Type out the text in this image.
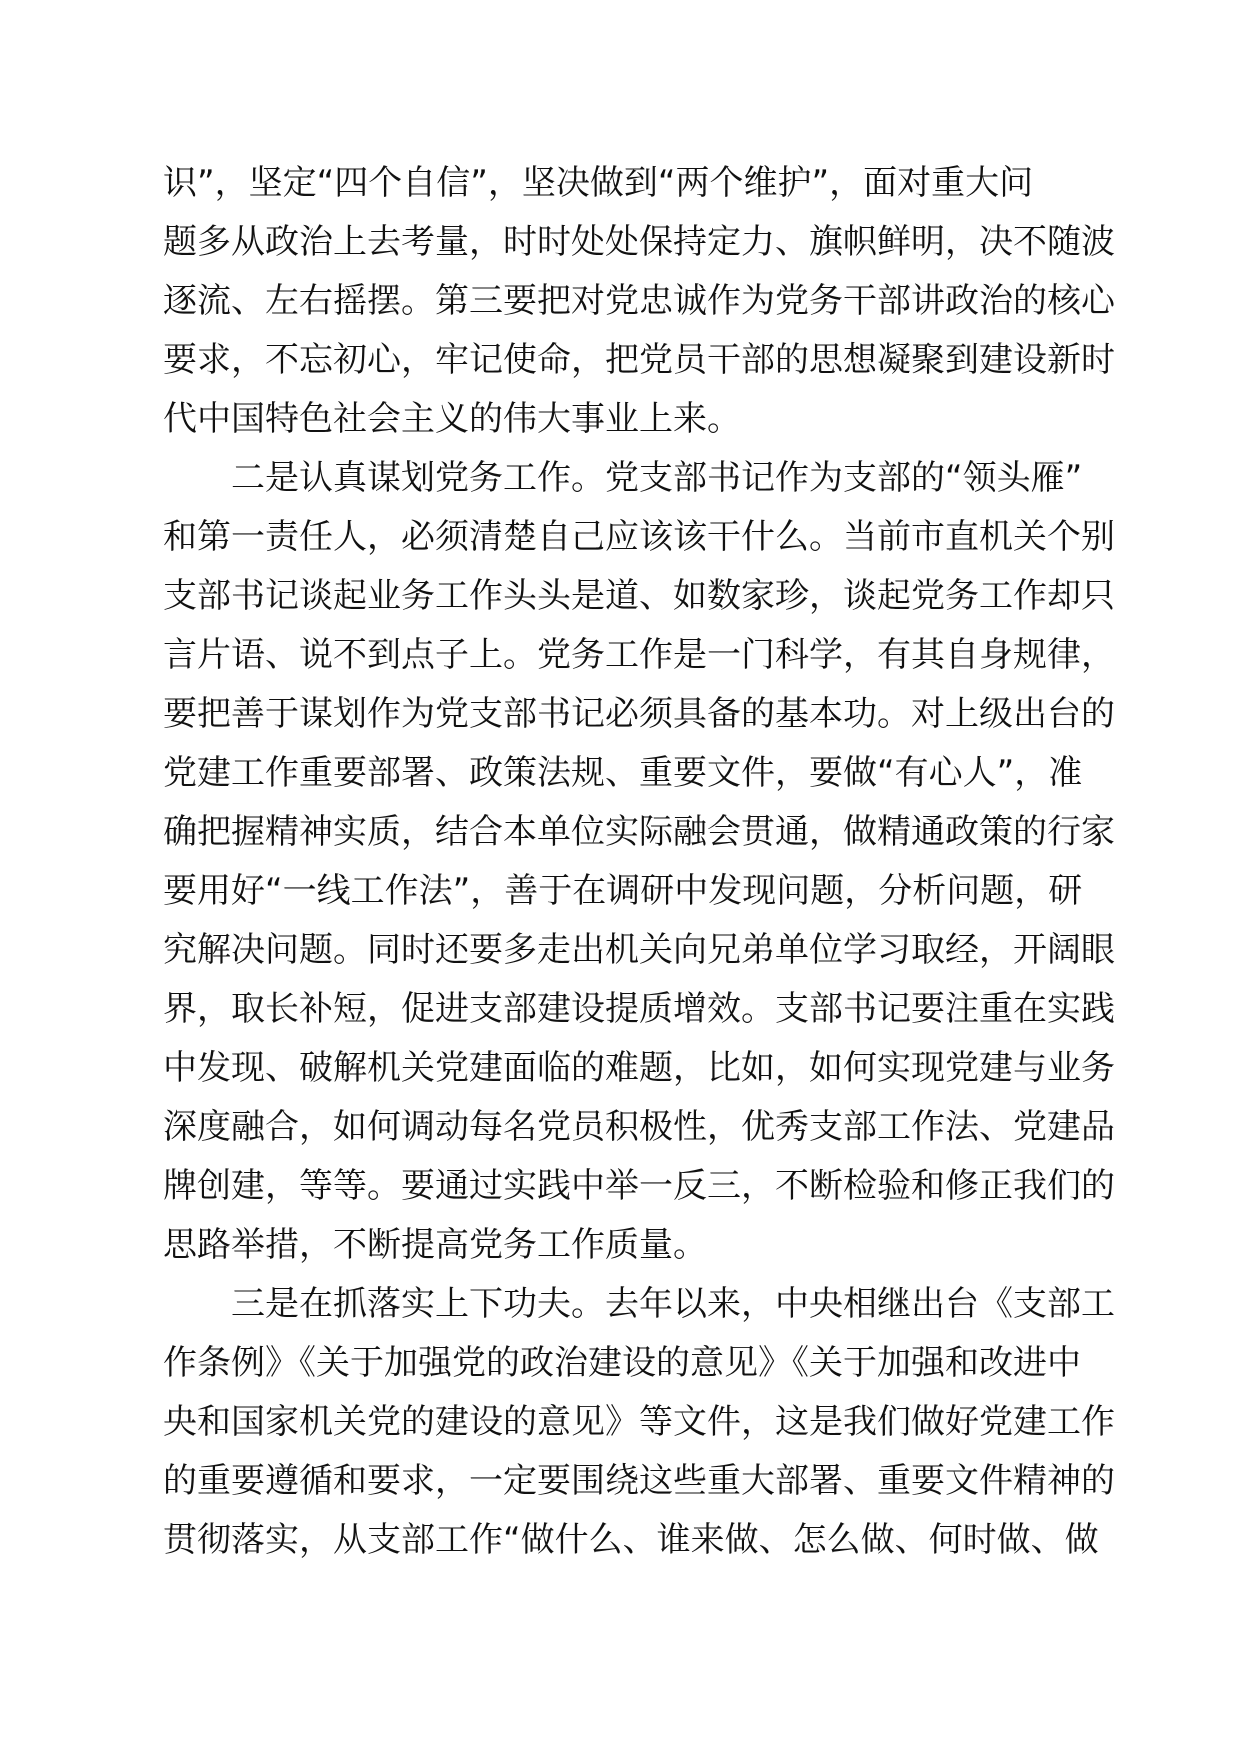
识”，坚定“四个自信”，坚决做到“两个维护”，面对重大问
题多从政治上去考量，时时处处保持定力、旗帜鲜明，决不随波
逐流、左右摇摆。第三要把对党忠诚作为党务干部讲政治的核心
要求，不忘初心，牢记使命，把党员干部的思想凝聚到建设新时
代中国特色社会主义的伟大事业上来。
　　二是认真谋划党务工作。党支部书记作为支部的“领头雁”
和第一责任人，必须清楚自己应该该干什么。当前市直机关个别
支部书记谈起业务工作头头是道、如数家珍，谈起党务工作却只
言片语、说不到点子上。党务工作是一门科学，有其自身规律，
要把善于谋划作为党支部书记必须具备的基本功。对上级出台的
党建工作重要部署、政策法规、重要文件，要做“有心人”，准
确把握精神实质，结合本单位实际融会贯通，做精通政策的行家
要用好“一线工作法”，善于在调研中发现问题，分析问题，研
究解决问题。同时还要多走出机关向兄弟单位学习取经，开阔眼
界，取长补短，促进支部建设提质增效。支部书记要注重在实践
中发现、破解机关党建面临的难题，比如，如何实现党建与业务
深度融合，如何调动每名党员积极性，优秀支部工作法、党建品
牌创建，等等。要通过实践中举一反三，不断检验和修正我们的
思路举措，不断提高党务工作质量。
　　三是在抓落实上下功夫。去年以来，中央相继出台《支部工
作条例》《关于加强党的政治建设的意见》《关于加强和改进中
央和国家机关党的建设的意见》等文件，这是我们做好党建工作
的重要遵循和要求，一定要围绕这些重大部署、重要文件精神的
贯彻落实，从支部工作“做什么、谁来做、怎么做、何时做、做
